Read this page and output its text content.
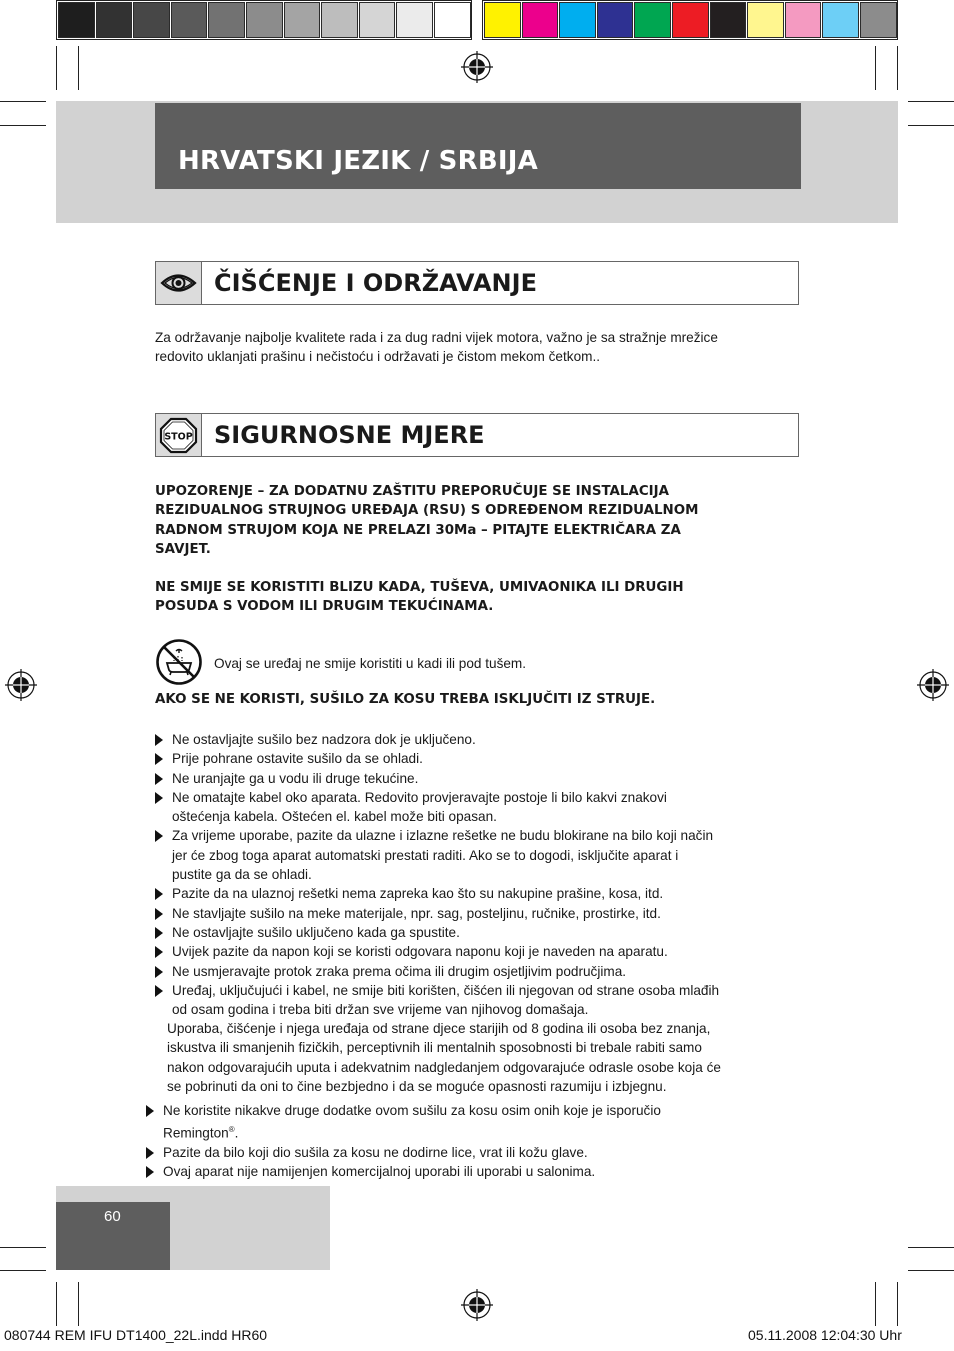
HRVATSKI JEZIK / SRBIJA
ČIŠĆENJE I ODRŽAVANJE
Za održavanje najbolje kvalitete rada i za dug radni vijek motora, važno je sa stražnje mrežice
redovito uklanjati prašinu i nečistoću i održavati je čistom mekom četkom..
STOP SIGURNOSNE MJERE
UPOZORENJE – ZA DODATNU ZAŠTITU PREPORUČUJE SE INSTALACIJA
REZIDUALNOG STRUJNOG UREĐAJA (RSU) S ODREĐENOM REZIDUALNOM
RADNOM STRUJOM KOJA NE PRELAZI 30Ma – PITAJTE ELEKTRIČARA ZA
SAVJET.
NE SMIJE SE KORISTITI BLIZU KADA, TUŠEVA, UMIVAONIKA ILI DRUGIH
POSUDA S VODOM ILI DRUGIM TEKUĆINAMA.
Ovaj se uređaj ne smije koristiti u kadi ili pod tušem.
AKO SE NE KORISTI, SUŠILO ZA KOSU TREBA ISKLJUČITI IZ STRUJE.
Ne ostavljajte sušilo bez nadzora dok je uključeno.
Prije pohrane ostavite sušilo da se ohladi.
Ne uranjajte ga u vodu ili druge tekućine.
Ne omatajte kabel oko aparata. Redovito provjeravajte postoje li bilo kakvi znakovi
oštećenja kabela. Oštećen el. kabel može biti opasan.
Za vrijeme uporabe, pazite da ulazne i izlazne rešetke ne budu blokirane na bilo koji način
jer će zbog toga aparat automatski prestati raditi. Ako se to dogodi, isključite aparat i
pustite ga da se ohladi.
Pazite da na ulaznoj rešetki nema zapreka kao što su nakupine prašine, kosa, itd.
Ne stavljajte sušilo na meke materijale, npr. sag, posteljinu, ručnike, prostirke, itd.
Ne ostavljajte sušilo uključeno kada ga spustite.
Uvijek pazite da napon koji se koristi odgovara naponu koji je naveden na aparatu.
Ne usmjeravajte protok zraka prema očima ili drugim osjetljivim područjima.
Uređaj, uključujući i kabel, ne smije biti korišten, čišćen ili njegovan od strane osoba mlađih
od osam godina i treba biti držan sve vrijeme van njihovog domašaja.
Uporaba, čišćenje i njega uređaja od strane djece starijih od 8 godina ili osoba bez znanja,
iskustva ili smanjenih fizičkih, perceptivnih ili mentalnih sposobnosti bi trebale rabiti samo
nakon odgovarajućih uputa i adekvatnim nadgledanjem odgovarajuće odrasle osobe koja će
se pobrinuti da oni to čine bezbjedno i da se moguće opasnosti razumiju i izbjegnu.
Ne koristite nikakve druge dodatke ovom sušilu za kosu osim onih koje je isporučio
Remington®.
Pazite da bilo koji dio sušila za kosu ne dodirne lice, vrat ili kožu glave.
Ovaj aparat nije namijenjen komercijalnoj uporabi ili uporabi u salonima.
60
080744 REM IFU DT1400_22L.indd HR60	05.11.2008 12:04:30 Uhr
